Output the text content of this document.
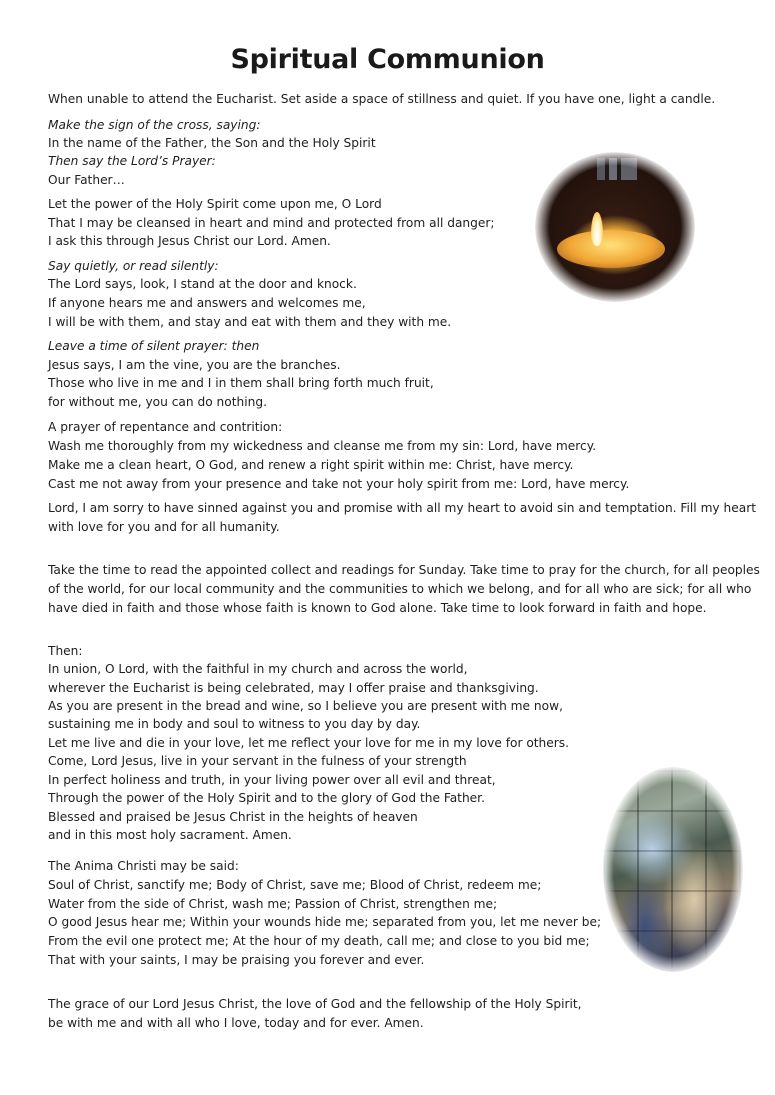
Spiritual Communion
When unable to attend the Eucharist. Set aside a space of stillness and quiet. If you have one, light a candle.
Make the sign of the cross, saying:
In the name of the Father, the Son and the Holy Spirit
Then say the Lord’s Prayer:
Our Father…
Let the power of the Holy Spirit come upon me, O Lord
That I may be cleansed in heart and mind and protected from all danger;
I ask this through Jesus Christ our Lord. Amen.
Say quietly, or read silently:
The Lord says, look, I stand at the door and knock.
If anyone hears me and answers and welcomes me,
I will be with them, and stay and eat with them and they with me.
Leave a time of silent prayer: then
Jesus says, I am the vine, you are the branches.
Those who live in me and I in them shall bring forth much fruit,
for without me, you can do nothing.
A prayer of repentance and contrition:
Wash me thoroughly from my wickedness and cleanse me from my sin: Lord, have mercy.
Make me a clean heart, O God, and renew a right spirit within me: Christ, have mercy.
Cast me not away from your presence and take not your holy spirit from me: Lord, have mercy.
Lord, I am sorry to have sinned against you and promise with all my heart to avoid sin and temptation. Fill my heart
with love for you and for all humanity.
Take the time to read the appointed collect and readings for Sunday. Take time to pray for the church, for all peoples
of the world, for our local community and the communities to which we belong, and for all who are sick; for all who
have died in faith and those whose faith is known to God alone. Take time to look forward in faith and hope.
Then:
In union, O Lord, with the faithful in my church and across the world,
wherever the Eucharist is being celebrated, may I offer praise and thanksgiving.
As you are present in the bread and wine, so I believe you are present with me now,
sustaining me in body and soul to witness to you day by day.
Let me live and die in your love, let me reflect your love for me in my love for others.
Come, Lord Jesus, live in your servant in the fulness of your strength
In perfect holiness and truth, in your living power over all evil and threat,
Through the power of the Holy Spirit and to the glory of God the Father.
Blessed and praised be Jesus Christ in the heights of heaven
and in this most holy sacrament. Amen.
The Anima Christi may be said:
Soul of Christ, sanctify me; Body of Christ, save me; Blood of Christ, redeem me;
Water from the side of Christ, wash me; Passion of Christ, strengthen me;
O good Jesus hear me; Within your wounds hide me; separated from you, let me never be;
From the evil one protect me; At the hour of my death, call me; and close to you bid me;
That with your saints, I may be praising you forever and ever.
The grace of our Lord Jesus Christ, the love of God and the fellowship of the Holy Spirit,
be with me and with all who I love, today and for ever. Amen.
